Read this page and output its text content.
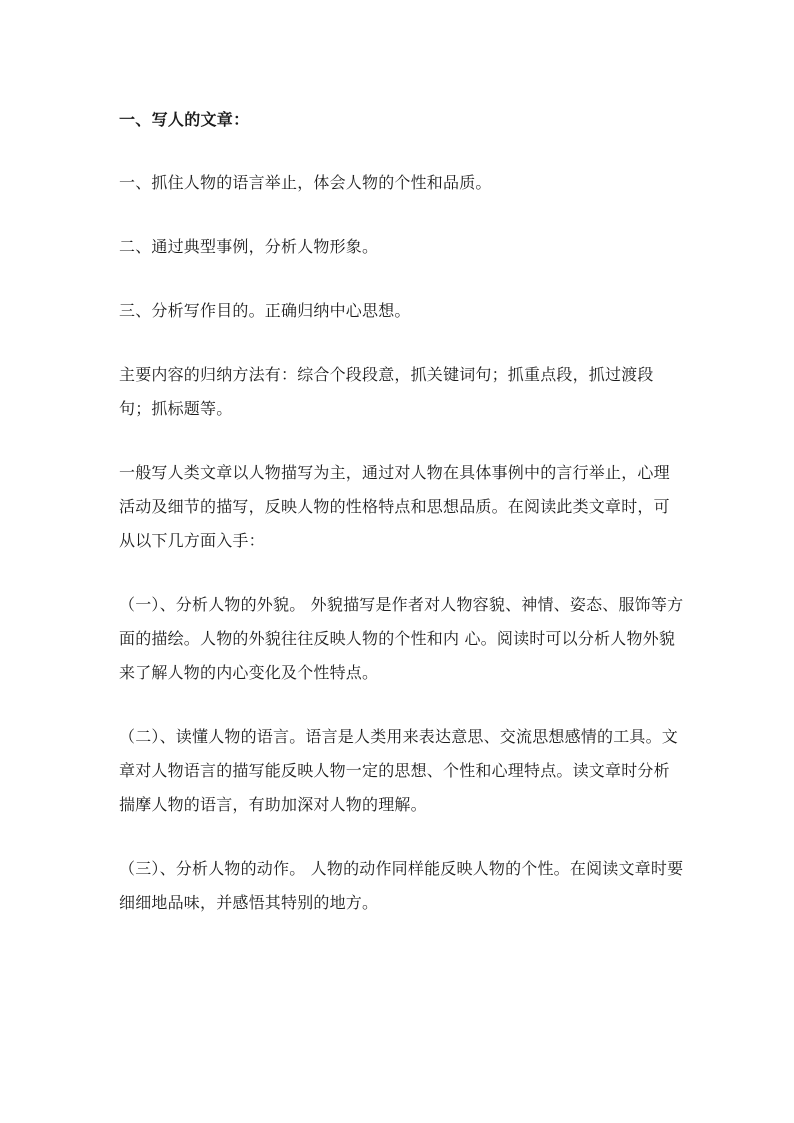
一、写人的文章：

一、抓住人物的语言举止，体会人物的个性和品质。

二、通过典型事例，分析人物形象。

三、分析写作目的。正确归纳中心思想。

主要内容的归纳方法有：综合个段段意，抓关键词句；抓重点段，抓过渡段句；抓标题等。

一般写人类文章以人物描写为主，通过对人物在具体事例中的言行举止，心理活动及细节的描写，反映人物的性格特点和思想品质。在阅读此类文章时，可从以下几方面入手：

（一）、分析人物的外貌。 外貌描写是作者对人物容貌、神情、姿态、服饰等方面的描绘。人物的外貌往往反映人物的个性和内 心。阅读时可以分析人物外貌来了解人物的内心变化及个性特点。

（二）、读懂人物的语言。语言是人类用来表达意思、交流思想感情的工具。文章对人物语言的描写能反映人物一定的思想、个性和心理特点。读文章时分析揣摩人物的语言，有助加深对人物的理解。

（三）、分析人物的动作。 人物的动作同样能反映人物的个性。在阅读文章时要细细地品味，并感悟其特别的地方。
